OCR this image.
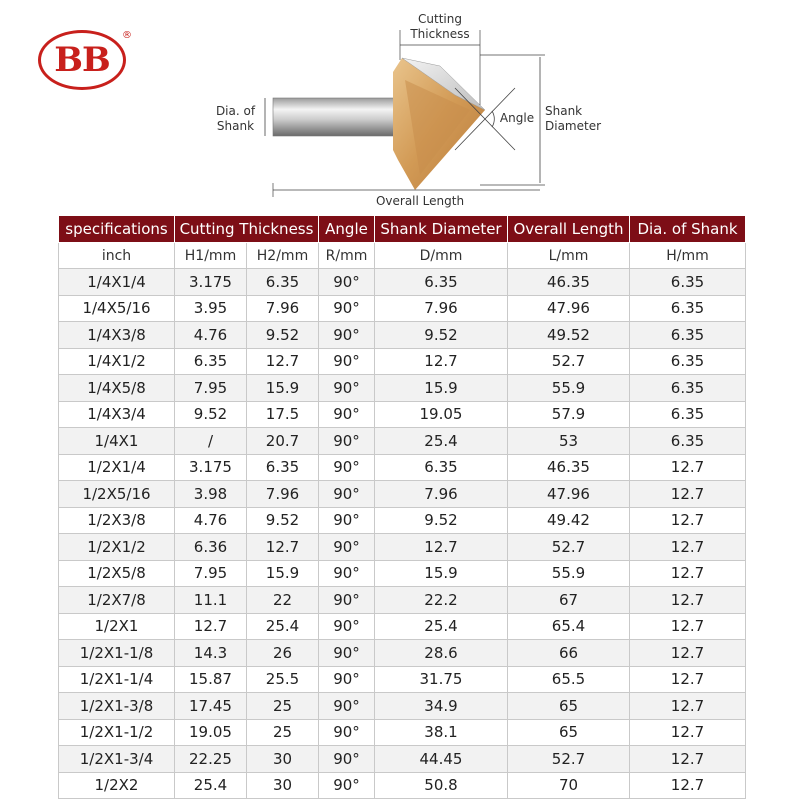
BB
®
Cutting
Thickness
Dia. of
Shank
Angle Shank
Diameter
Overall Length
specifications	Cutting Thickness		Angle	Shank Diameter	Overall Length	Dia. of Shank
inch	H1/mm	H2/mm	R/mm	D/mm	L/mm	H/mm
1/4X1/4	3.175	6.35	90°	6.35	46.35	6.35
1/4X5/16	3.95	7.96	90°	7.96	47.96	6.35
1/4X3/8	4.76	9.52	90°	9.52	49.52	6.35
1/4X1/2	6.35	12.7	90°	12.7	52.7	6.35
1/4X5/8	7.95	15.9	90°	15.9	55.9	6.35
1/4X3/4	9.52	17.5	90°	19.05	57.9	6.35
1/4X1	/	20.7	90°	25.4	53	6.35
1/2X1/4	3.175	6.35	90°	6.35	46.35	12.7
1/2X5/16	3.98	7.96	90°	7.96	47.96	12.7
1/2X3/8	4.76	9.52	90°	9.52	49.42	12.7
1/2X1/2	6.36	12.7	90°	12.7	52.7	12.7
1/2X5/8	7.95	15.9	90°	15.9	55.9	12.7
1/2X7/8	11.1	22	90°	22.2	67	12.7
1/2X1	12.7	25.4	90°	25.4	65.4	12.7
1/2X1-1/8	14.3	26	90°	28.6	66	12.7
1/2X1-1/4	15.87	25.5	90°	31.75	65.5	12.7
1/2X1-3/8	17.45	25	90°	34.9	65	12.7
1/2X1-1/2	19.05	25	90°	38.1	65	12.7
1/2X1-3/4	22.25	30	90°	44.45	52.7	12.7
1/2X2	25.4	30	90°	50.8	70	12.7
